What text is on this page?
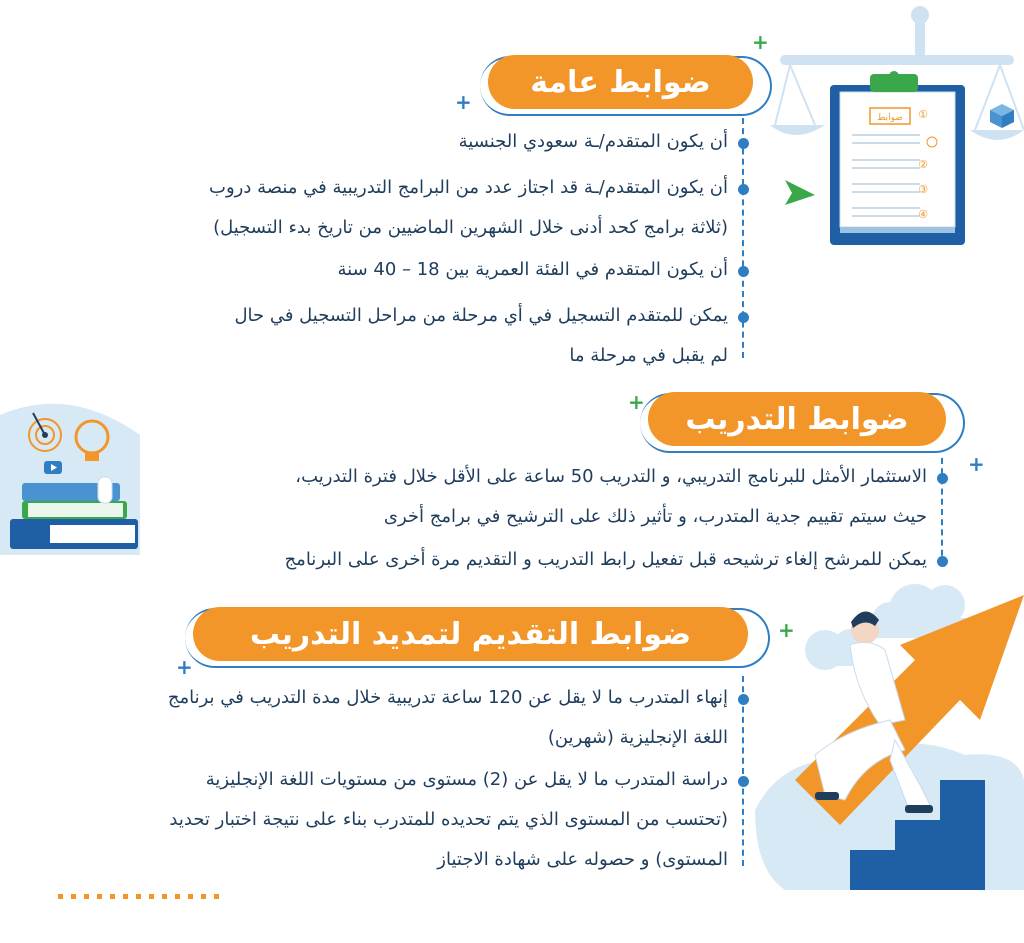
ضوابط ①
②
③
④
ضوابط عامة
+
+
أن يكون المتقدم/ـة سعودي الجنسية
أن يكون المتقدم/ـة قد اجتاز عدد من البرامج التدريبية في منصة دروب
(ثلاثة برامج كحد أدنى خلال الشهرين الماضيين من تاريخ بدء التسجيل)
أن يكون المتقدم في الفئة العمرية بين 18 – 40 سنة
يمكن للمتقدم التسجيل في أي مرحلة من مراحل التسجيل في حال
لم يقبل في مرحلة ما
ضوابط التدريب
+
+
الاستثمار الأمثل للبرنامج التدريبي، و التدريب 50 ساعة على الأقل خلال فترة التدريب،
حيث سيتم تقييم جدية المتدرب، و تأثير ذلك على الترشيح في برامج أخرى
يمكن للمرشح إلغاء ترشيحه قبل تفعيل رابط التدريب و التقديم مرة أخرى على البرنامج
ضوابط التقديم لتمديد التدريب	+
+
إنهاء المتدرب ما لا يقل عن 120 ساعة تدريبية خلال مدة التدريب في برنامج
اللغة الإنجليزية (شهرين)
دراسة المتدرب ما لا يقل عن (2) مستوى من مستويات اللغة الإنجليزية
(تحتسب من المستوى الذي يتم تحديده للمتدرب بناء على نتيجة اختبار تحديد
المستوى) و حصوله على شهادة الاجتياز
